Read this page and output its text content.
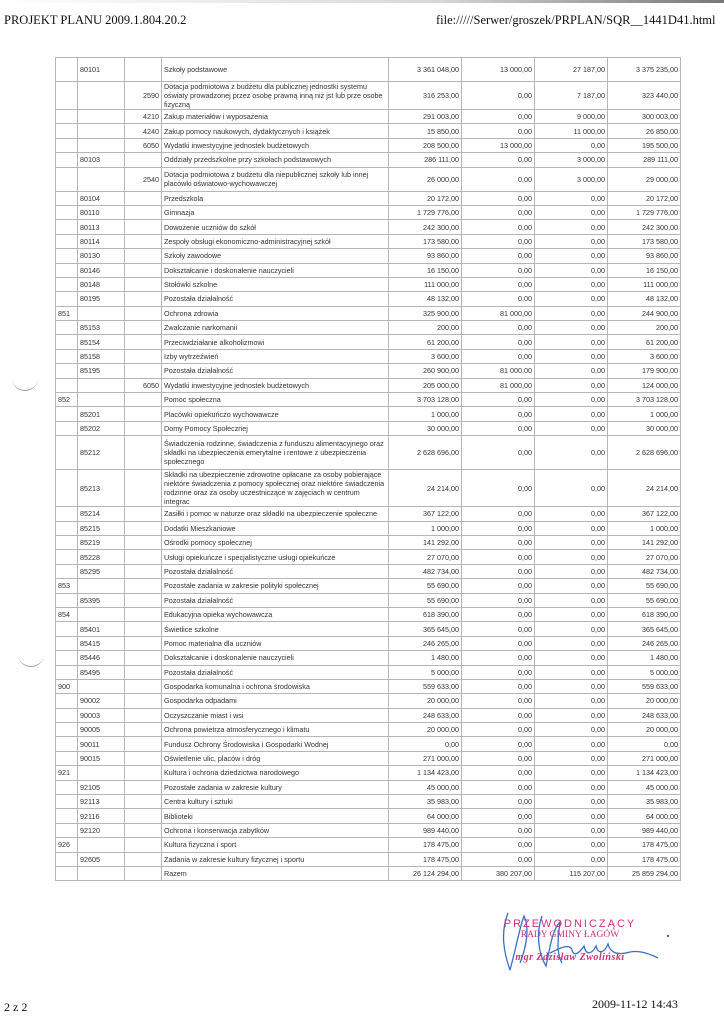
PROJEKT PLANU 2009.1.804.20.2	file://///Serwer/groszek/PRPLAN/SQR__1441D41.html
	80101		Szkoły podstawowe	3 361 048,00	13 000,00	27 187,00	3 375 235,00
		2590	Dotacja podmiotowa z budżetu dla publicznej jednostki systemu oświaty prowadzonej przez osobę prawną inną niż jst lub prze osobe fizyczną	316 253,00	0,00	7 187,00	323 440,00
		4210	Zakup materiałów i wyposażenia	291 003,00	0,00	9 000,00	300 003,00
		4240	Zakup pomocy naukowych, dydaktycznych i książek	15 850,00	0,00	11 000,00	26 850,00
		6050	Wydatki inwestycyjne jednostek budżetowych	208 500,00	13 000,00	0,00	195 500,00
	80103		Oddziały przedszkolne przy szkołach podstawowych	286 111,00	0,00	3 000,00	289 111,00
		2540	Dotacja podmiotowa z budżetu dla niepublicznej szkoły lub innej placówki oświatowo-wychowawczej	26 000,00	0,00	3 000,00	29 000,00
	80104		Przedszkola	20 172,00	0,00	0,00	20 172,00
	80110		Gimnazja	1 729 776,00	0,00	0,00	1 729 776,00
	80113		Dowożenie uczniów do szkół	242 300,00	0,00	0,00	242 300,00
	80114		Zespoły obsługi ekonomiczno-administracyjnej szkół	173 580,00	0,00	0,00	173 580,00
	80130		Szkoły zawodowe	93 860,00	0,00	0,00	93 860,00
	80146		Dokształcanie i doskonalenie nauczycieli	16 150,00	0,00	0,00	16 150,00
	80148		Stołówki szkolne	111 000,00	0,00	0,00	111 000,00
	80195		Pozostała działalność	48 132,00	0,00	0,00	48 132,00
851			Ochrona zdrowia	325 900,00	81 000,00	0,00	244 900,00
	85153		Zwalczanie narkomanii	200,00	0,00	0,00	200,00
	85154		Przeciwdziałanie alkoholizmowi	61 200,00	0,00	0,00	61 200,00
	85158		Izby wytrzeźwień	3 600,00	0,00	0,00	3 600,00
	85195		Pozostała działalność	260 900,00	81 000,00	0,00	179 900,00
		6050	Wydatki inwestycyjne jednostek budżetowych	205 000,00	81 000,00	0,00	124 000,00
852			Pomoc społeczna	3 703 128,00	0,00	0,00	3 703 128,00
	85201		Placówki opiekuńczo wychowawcze	1 000,00	0,00	0,00	1 000,00
	85202		Domy Pomocy Społecznej	30 000,00	0,00	0,00	30 000,00
	85212		Świadczenia rodzinne, świadczenia z funduszu alimentacyjnego oraz składki na ubezpieczenia emerytalne i rentowe z ubezpieczenia społecznego	2 628 696,00	0,00	0,00	2 628 696,00
	85213		Składki na ubezpieczenie zdrowotne opłacane za osoby pobierające niektóre świadczenia z pomocy społecznej oraz niektóre świadczenia rodzinne oraz za osoby uczestniczące w zajęciach w centrum integrac	24 214,00	0,00	0,00	24 214,00
	85214		Zasiłki i pomoc w naturze oraz składki na ubezpieczenie społeczne	367 122,00	0,00	0,00	367 122,00
	85215		Dodatki Mieszkaniowe	1 000,00	0,00	0,00	1 000,00
	85219		Ośrodki pomocy społecznej	141 292,00	0,00	0,00	141 292,00
	85228		Usługi opiekuńcze i specjalistyczne usługi opiekuńcze	27 070,00	0,00	0,00	27 070,00
	85295		Pozostała działalność	482 734,00	0,00	0,00	482 734,00
853			Pozostałe zadania w zakresie polityki społecznej	55 690,00	0,00	0,00	55 690,00
	85395		Pozostała działalność	55 690,00	0,00	0,00	55 690,00
854			Edukacyjna opieka wychowawcza	618 390,00	0,00	0,00	618 390,00
	85401		Świetlice szkolne	365 645,00	0,00	0,00	365 645,00
	85415		Pomoc materialna dla uczniów	246 265,00	0,00	0,00	246 265,00
	85446		Dokształcanie i doskonalenie nauczycieli	1 480,00	0,00	0,00	1 480,00
	85495		Pozostała działalność	5 000,00	0,00	0,00	5 000,00
900			Gospodarka komunalna i ochrona środowiska	559 633,00	0,00	0,00	559 633,00
	90002		Gospodarka odpadami	20 000,00	0,00	0,00	20 000,00
	90003		Oczyszczanie miast i wsi	248 633,00	0,00	0,00	248 633,00
	90005		Ochrona powietrza atmosferycznego i klimatu	20 000,00	0,00	0,00	20 000,00
	90011		Fundusz Ochrony Środowiska i Gospodarki Wodnej	0,00	0,00	0,00	0,00
	90015		Oświetlenie ulic, placów i dróg	271 000,00	0,00	0,00	271 000,00
921			Kultura i ochrona dziedzictwa narodowego	1 134 423,00	0,00	0,00	1 134 423,00
	92105		Pozostałe zadania w zakresie kultury	45 000,00	0,00	0,00	45 000,00
	92113		Centra kultury i sztuki	35 983,00	0,00	0,00	35 983,00
	92116		Biblioteki	64 000,00	0,00	0,00	64 000,00
	92120		Ochrona i konserwacja zabytków	989 440,00	0,00	0,00	989 440,00
926			Kultura fizyczna i sport	178 475,00	0,00	0,00	178 475,00
	92605		Zadania w zakresie kultury fizycznej i sportu	178 475,00	0,00	0,00	178 475,00
			Razem	26 124 294,00	380 207,00	115 207,00	25 859 294,00
PRZEWODNICZĄCY
RADY GMINY ŁAGÓW
mgr Zdzisław Zwoliński
2 z 2	2009-11-12 14:43
